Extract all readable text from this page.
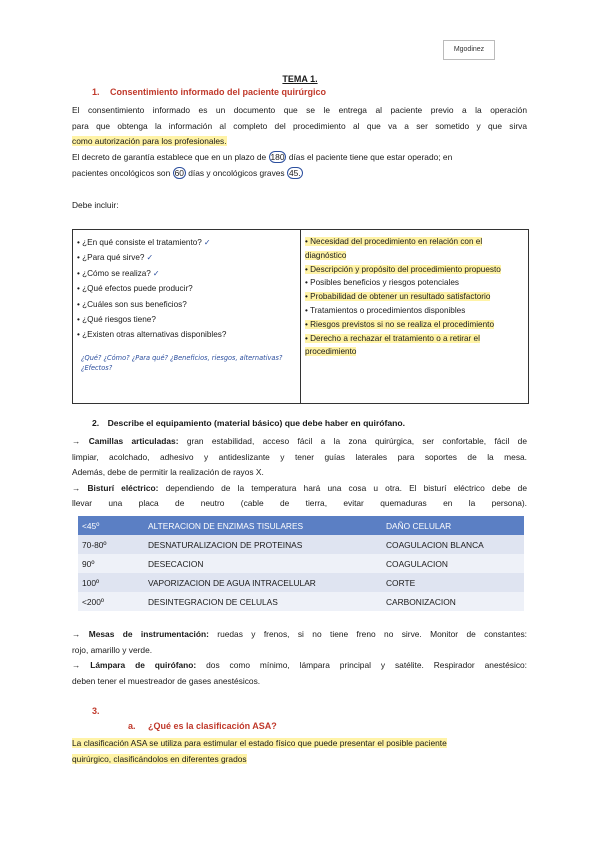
Mgodinez
TEMA 1.
1. Consentimiento informado del paciente quirúrgico
El consentimiento informado es un documento que se le entrega al paciente previo a la operación
para que obtenga la información al completo del procedimiento al que va a ser sometido y que sirva
como autorización para los profesionales.
El decreto de garantía establece que en un plazo de 180 días el paciente tiene que estar operado; en
pacientes oncológicos son 60 días y oncológicos graves 45.
Debe incluir:
• ¿En qué consiste el tratamiento? ✓
• ¿Para qué sirve? ✓
• ¿Cómo se realiza? ✓
• ¿Qué efectos puede producir?
• ¿Cuáles son sus beneficios?
• ¿Qué riesgos tiene?
• ¿Existen otras alternativas disponibles?
¿Qué? ¿Cómo? ¿Para qué? ¿Beneficios, riesgos, alternativas?
¿Efectos?
• Necesidad del procedimiento en relación con el diagnóstico
• Descripción y propósito del procedimiento propuesto
• Posibles beneficios y riesgos potenciales
• Probabilidad de obtener un resultado satisfactorio
• Tratamientos o procedimientos disponibles
• Riesgos previstos si no se realiza el procedimiento
• Derecho a rechazar el tratamiento o a retirar el procedimiento
2. Describe el equipamiento (material básico) que debe haber en quirófano.
→ Camillas articuladas: gran estabilidad, acceso fácil a la zona quirúrgica, ser confortable, fácil de
limpiar, acolchado, adhesivo y antideslizante y tener guías laterales para soportes de la mesa.
Además, debe de permitir la realización de rayos X.
→ Bisturí eléctrico: dependiendo de la temperatura hará una cosa u otra. El bisturí eléctrico debe de
llevar una placa de neutro (cable de tierra, evitar quemaduras en la persona).
<45º	ALTERACION DE ENZIMAS TISULARES	DAÑO CELULAR
70-80º	DESNATURALIZACION DE PROTEINAS	COAGULACION BLANCA
90º	DESECACION	COAGULACION
100º	VAPORIZACION DE AGUA INTRACELULAR	CORTE
<200º	DESINTEGRACION DE CELULAS	CARBONIZACION
→ Mesas de instrumentación: ruedas y frenos, si no tiene freno no sirve. Monitor de constantes:
rojo, amarillo y verde.
→ Lámpara de quirófano: dos como mínimo, lámpara principal y satélite. Respirador anestésico:
deben tener el muestreador de gases anestésicos.
3.
a. ¿Qué es la clasificación ASA?
La clasificación ASA se utiliza para estimular el estado físico que puede presentar el posible paciente
quirúrgico, clasificándolos en diferentes grados
